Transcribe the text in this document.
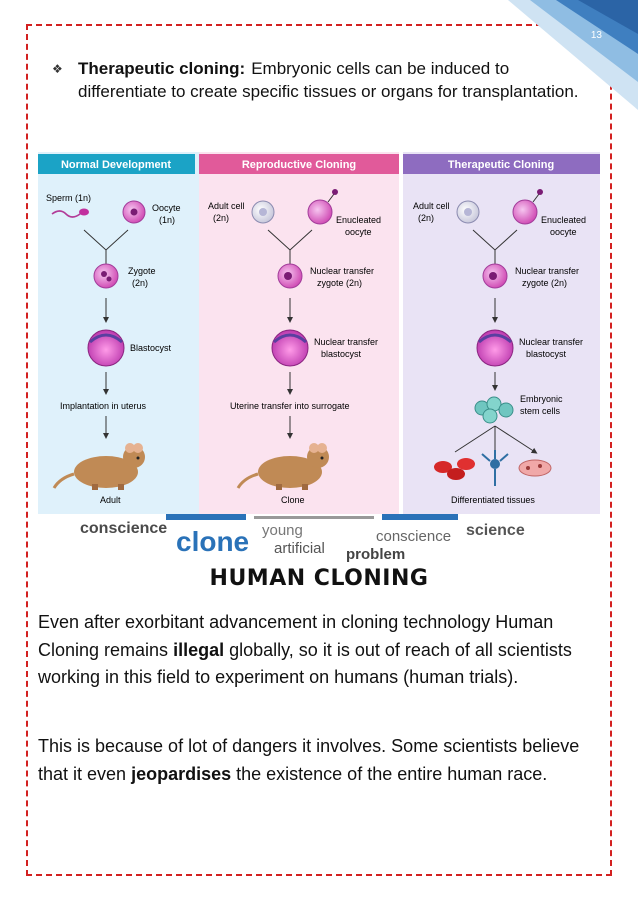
13
❖ Therapeutic cloning: Embryonic cells can be induced to differentiate to create specific tissues or organs for transplantation.
Normal Development	Reproductive Cloning	Therapeutic Cloning
Sperm (1n)
Oocyte
(1n)
Zygote
(2n)
Blastocyst
Implantation in uterus
Adult
Adult cell
(2n)	Enucleated
oocyte
Nuclear transfer
zygote (2n)
Nuclear transfer
blastocyst
Uterine transfer into surrogate
Clone
Adult cell
(2n)	Enucleated
oocyte
Nuclear transfer
zygote (2n)
Nuclear transfer
blastocyst
Embryonic
stem cells
Differentiated tissues
conscience clone young
artificial
conscience
problem
science
HUMAN CLONING
Even after exorbitant advancement in cloning technology Human Cloning remains illegal globally, so it is out of reach of all scientists working in this field to experiment on humans (human trials).
This is because of lot of dangers it involves. Some scientists believe that it even jeopardises the existence of the entire human race.
